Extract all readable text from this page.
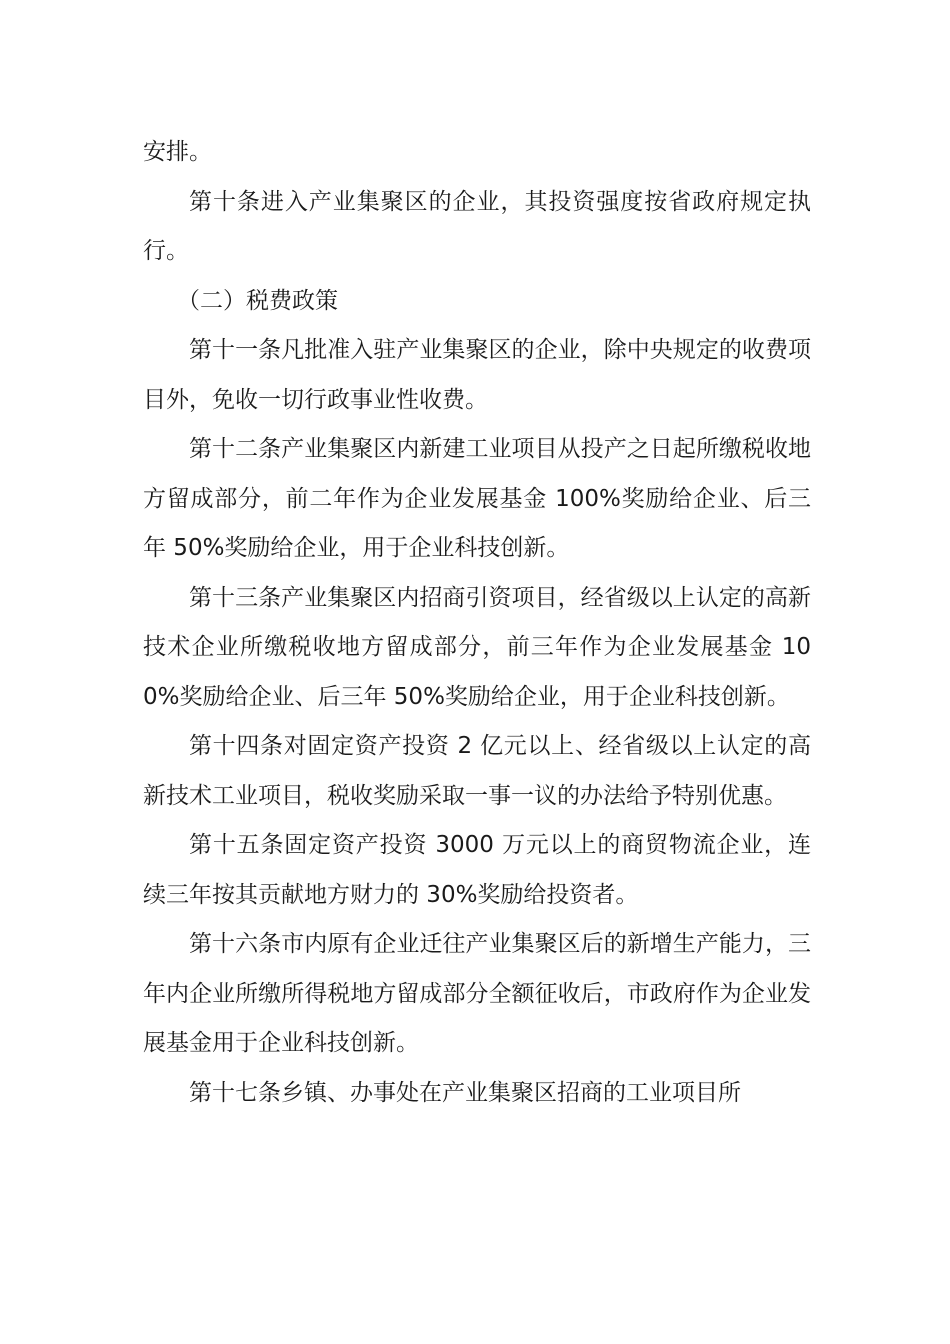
安排。

第十条进入产业集聚区的企业，其投资强度按省政府规定执行。

（二）税费政策

第十一条凡批准入驻产业集聚区的企业，除中央规定的收费项目外，免收一切行政事业性收费。

第十二条产业集聚区内新建工业项目从投产之日起所缴税收地方留成部分，前二年作为企业发展基金 100%奖励给企业、后三年 50%奖励给企业，用于企业科技创新。

第十三条产业集聚区内招商引资项目，经省级以上认定的高新技术企业所缴税收地方留成部分，前三年作为企业发展基金 100%奖励给企业、后三年 50%奖励给企业，用于企业科技创新。

第十四条对固定资产投资 2 亿元以上、经省级以上认定的高新技术工业项目，税收奖励采取一事一议的办法给予特别优惠。

第十五条固定资产投资 3000 万元以上的商贸物流企业，连续三年按其贡献地方财力的 30%奖励给投资者。

第十六条市内原有企业迁往产业集聚区后的新增生产能力，三年内企业所缴所得税地方留成部分全额征收后，市政府作为企业发展基金用于企业科技创新。

第十七条乡镇、办事处在产业集聚区招商的工业项目所
